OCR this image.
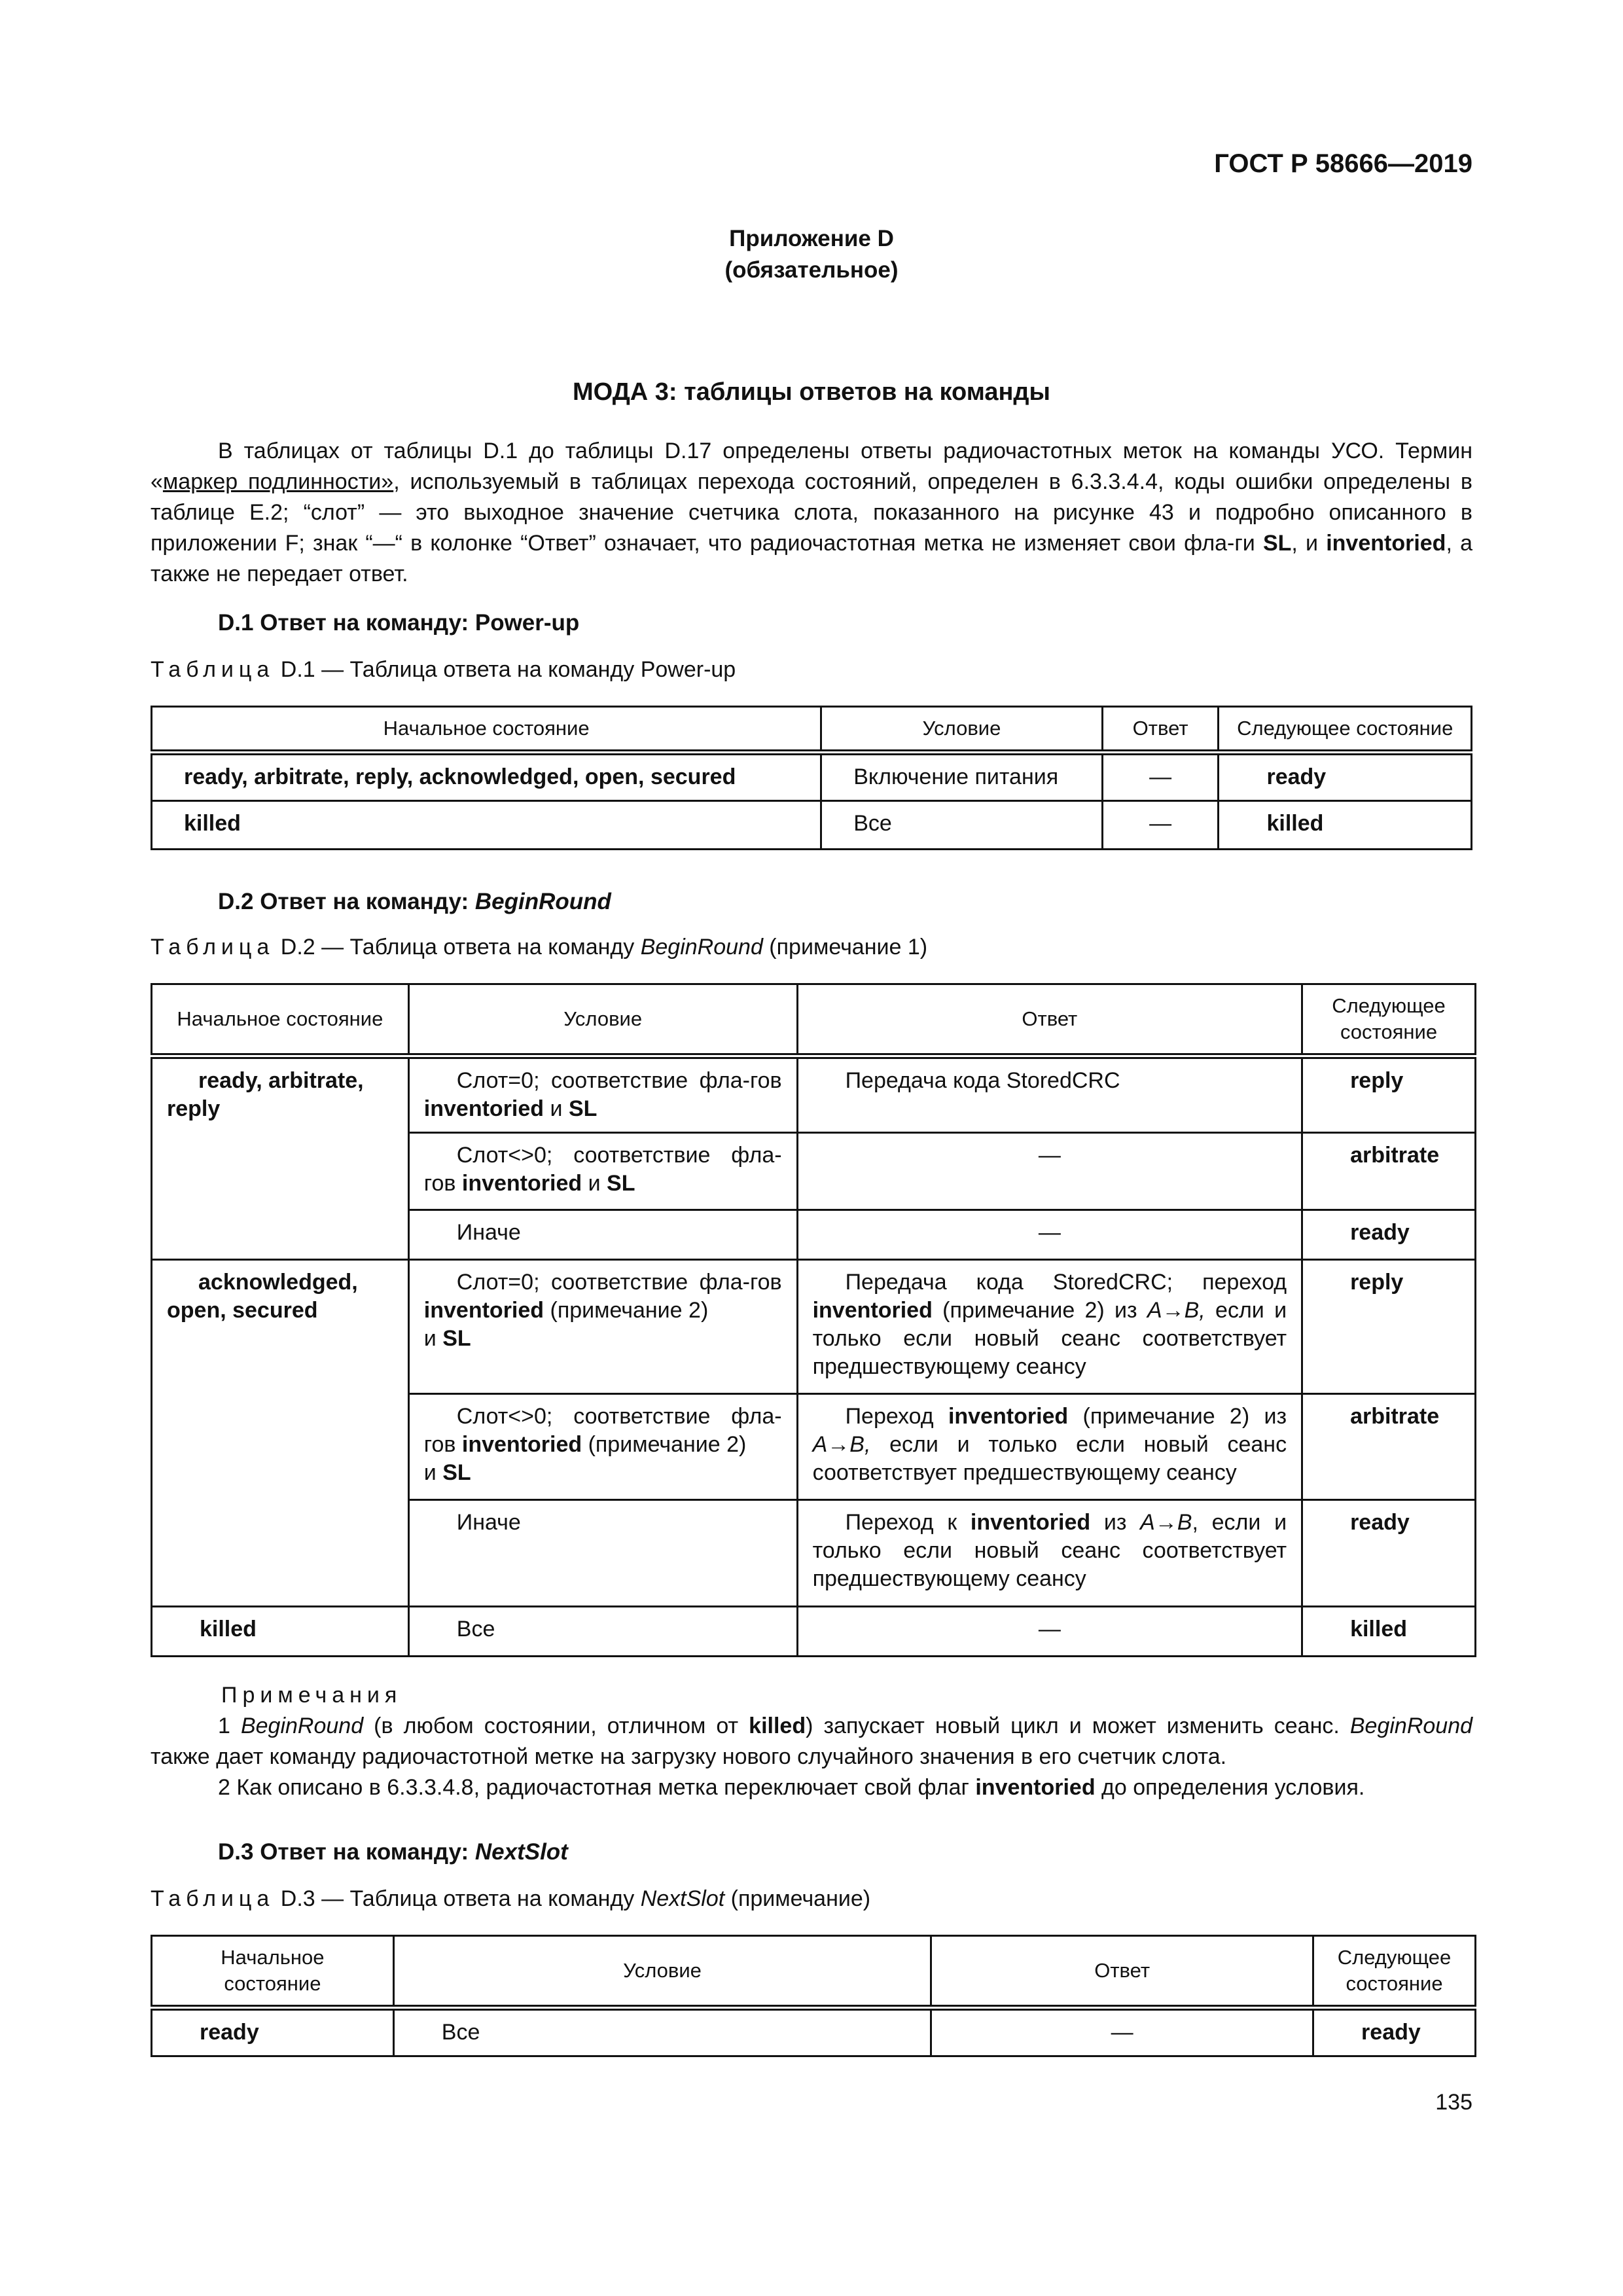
ГОСТ Р 58666—2019
Приложение D
(обязательное)
МОДА 3: таблицы ответов на команды

В таблицах от таблицы D.1 до таблицы D.17 определены ответы радиочастотных меток на команды УСО. Термин «маркер подлинности», используемый в таблицах перехода состояний, определен в 6.3.3.4.4, коды ошибки определены в таблице E.2; “слот” — это выходное значение счетчика слота, показанного на рисунке 43 и подробно описанного в приложении F; знак “—“ в колонке “Ответ” означает, что радиочастотная метка не изменяет свои фла-ги SL, и inventoried, а также не передает ответ.

D.1 Ответ на команду: Power-up
Таблица D.1 — Таблица ответа на команду Power-up
Начальное состояние	Условие	Ответ	Следующее состояние
ready, arbitrate, reply, acknowledged, open, secured	Включение питания	—	ready
killed	Все	—	killed
D.2 Ответ на команду: BeginRound
Таблица D.2 — Таблица ответа на команду BeginRound (примечание 1)
Начальное состояние	Условие	Ответ	Следующее состояние
ready, arbitrate,
reply	Слот=0; соответствие фла-гов inventoried и SL	Передача кода StoredCRC	reply
	Слот<>0; соответствие фла-гов inventoried и SL	—	arbitrate
	Иначе	—	ready
acknowledged,
open, secured	Слот=0; соответствие фла-гов inventoried (примечание 2)
и SL	Передача кода StoredCRC; переход inventoried (примечание 2) из A→B, если и только если новый сеанс соответствует предшествующему сеансу	reply
	Слот<>0; соответствие фла-гов inventoried (примечание 2)
и SL	Переход inventoried (примечание 2) из A→B, если и только если новый сеанс соответствует предшествующему сеансу	arbitrate
	Иначе	Переход к inventoried из A→B, если и только если новый сеанс соответствует предшествующему сеансу	ready
killed	Все	—	killed
Примечания

1 BeginRound (в любом состоянии, отличном от killed) запускает новый цикл и может изменить сеанс. BeginRound также дает команду радиочастотной метке на загрузку нового случайного значения в его счетчик слота.

2 Как описано в 6.3.3.4.8, радиочастотная метка переключает свой флаг inventoried до определения условия.

D.3 Ответ на команду: NextSlot
Таблица D.3 — Таблица ответа на команду NextSlot (примечание)
Начальное состояние	Условие	Ответ	Следующее состояние
ready	Все	—	ready
135
